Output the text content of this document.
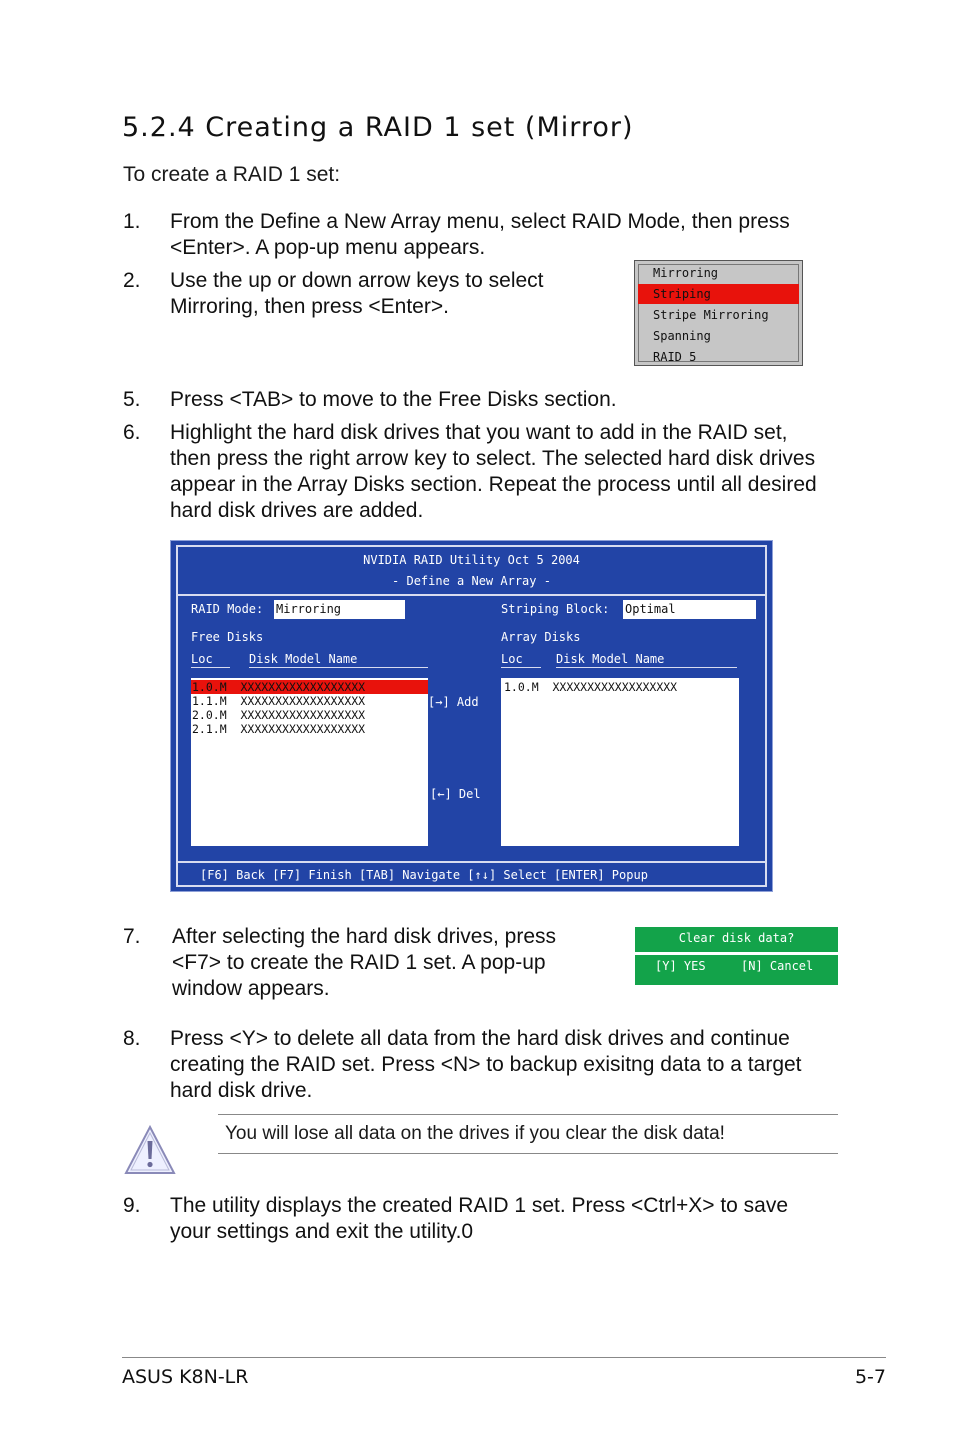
5.2.4 Creating a RAID 1 set (Mirror)
To create a RAID 1 set:
1. From the Define a New Array menu, select RAID Mode, then press
<Enter>. A pop-up menu appears.
2. Use the up or down arrow keys to select
Mirroring, then press <Enter>.
Mirroring
Striping
Stripe Mirroring
Spanning
RAID 5
5. Press <TAB> to move to the Free Disks section.
6. Highlight the hard disk drives that you want to add in the RAID set,
then press the right arrow key to select. The selected hard disk drives
appear in the Array Disks section. Repeat the process until all desired
hard disk drives are added.
NVIDIA RAID Utility Oct 5 2004
- Define a New Array -
RAID Mode: Mirroring	Striping Block: Optimal
Free Disks	Array Disks
Loc	Disk Model Name	Loc	Disk Model Name
1.0.M XXXXXXXXXXXXXXXXXX
1.1.M XXXXXXXXXXXXXXXXXX
2.0.M XXXXXXXXXXXXXXXXXX
2.1.M XXXXXXXXXXXXXXXXXX
[→] Add
[←] Del
1.0.M XXXXXXXXXXXXXXXXXX
[F6] Back [F7] Finish [TAB] Navigate [↑↓] Select [ENTER] Popup
7. After selecting the hard disk drives, press
<F7> to create the RAID 1 set. A pop-up
window appears.
Clear disk data?
[Y] YES	[N] Cancel
8. Press <Y> to delete all data from the hard disk drives and continue
creating the RAID set. Press <N> to backup exisitng data to a target
hard disk drive.
You will lose all data on the drives if you clear the disk data!
9. The utility displays the created RAID 1 set. Press <Ctrl+X> to save
your settings and exit the utility.0
ASUS K8N-LR	5-7
